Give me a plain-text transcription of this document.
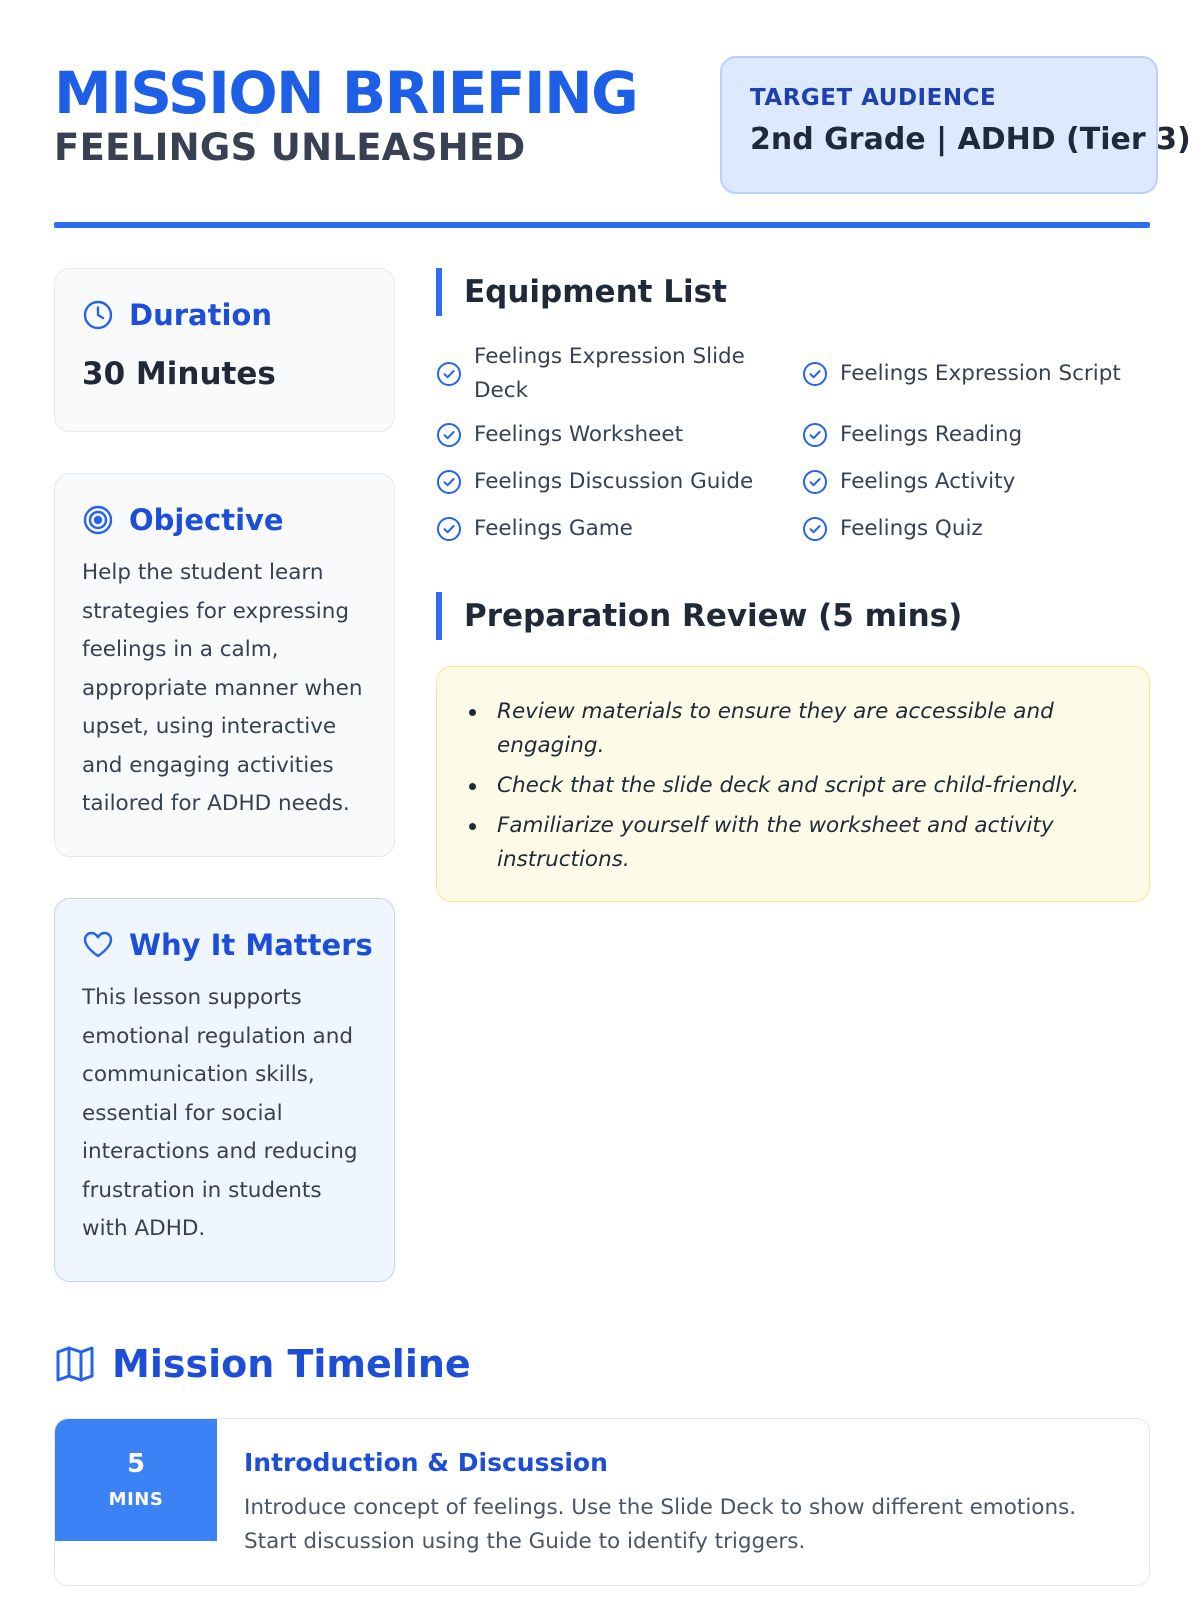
MISSION BRIEFING
FEELINGS UNLEASHED
TARGET AUDIENCE
2nd Grade | ADHD (Tier 3)
Duration
30 Minutes
Objective
Help the student learn strategies for expressing feelings in a calm, appropriate manner when upset, using interactive and engaging activities tailored for ADHD needs.
Why It Matters
This lesson supports emotional regulation and communication skills, essential for social interactions and reducing frustration in students with ADHD.
Equipment List
Feelings Expression Slide Deck
Feelings Expression Script
Feelings Worksheet	Feelings Reading
Feelings Discussion Guide	Feelings Activity
Feelings Game	Feelings Quiz
Preparation Review (5 mins)
Review materials to ensure they are accessible and engaging.
Check that the slide deck and script are child-friendly.
Familiarize yourself with the worksheet and activity instructions.
Mission Timeline
5
MINS
Introduction & Discussion
Introduce concept of feelings. Use the Slide Deck to show different emotions. Start discussion using the Guide to identify triggers.
